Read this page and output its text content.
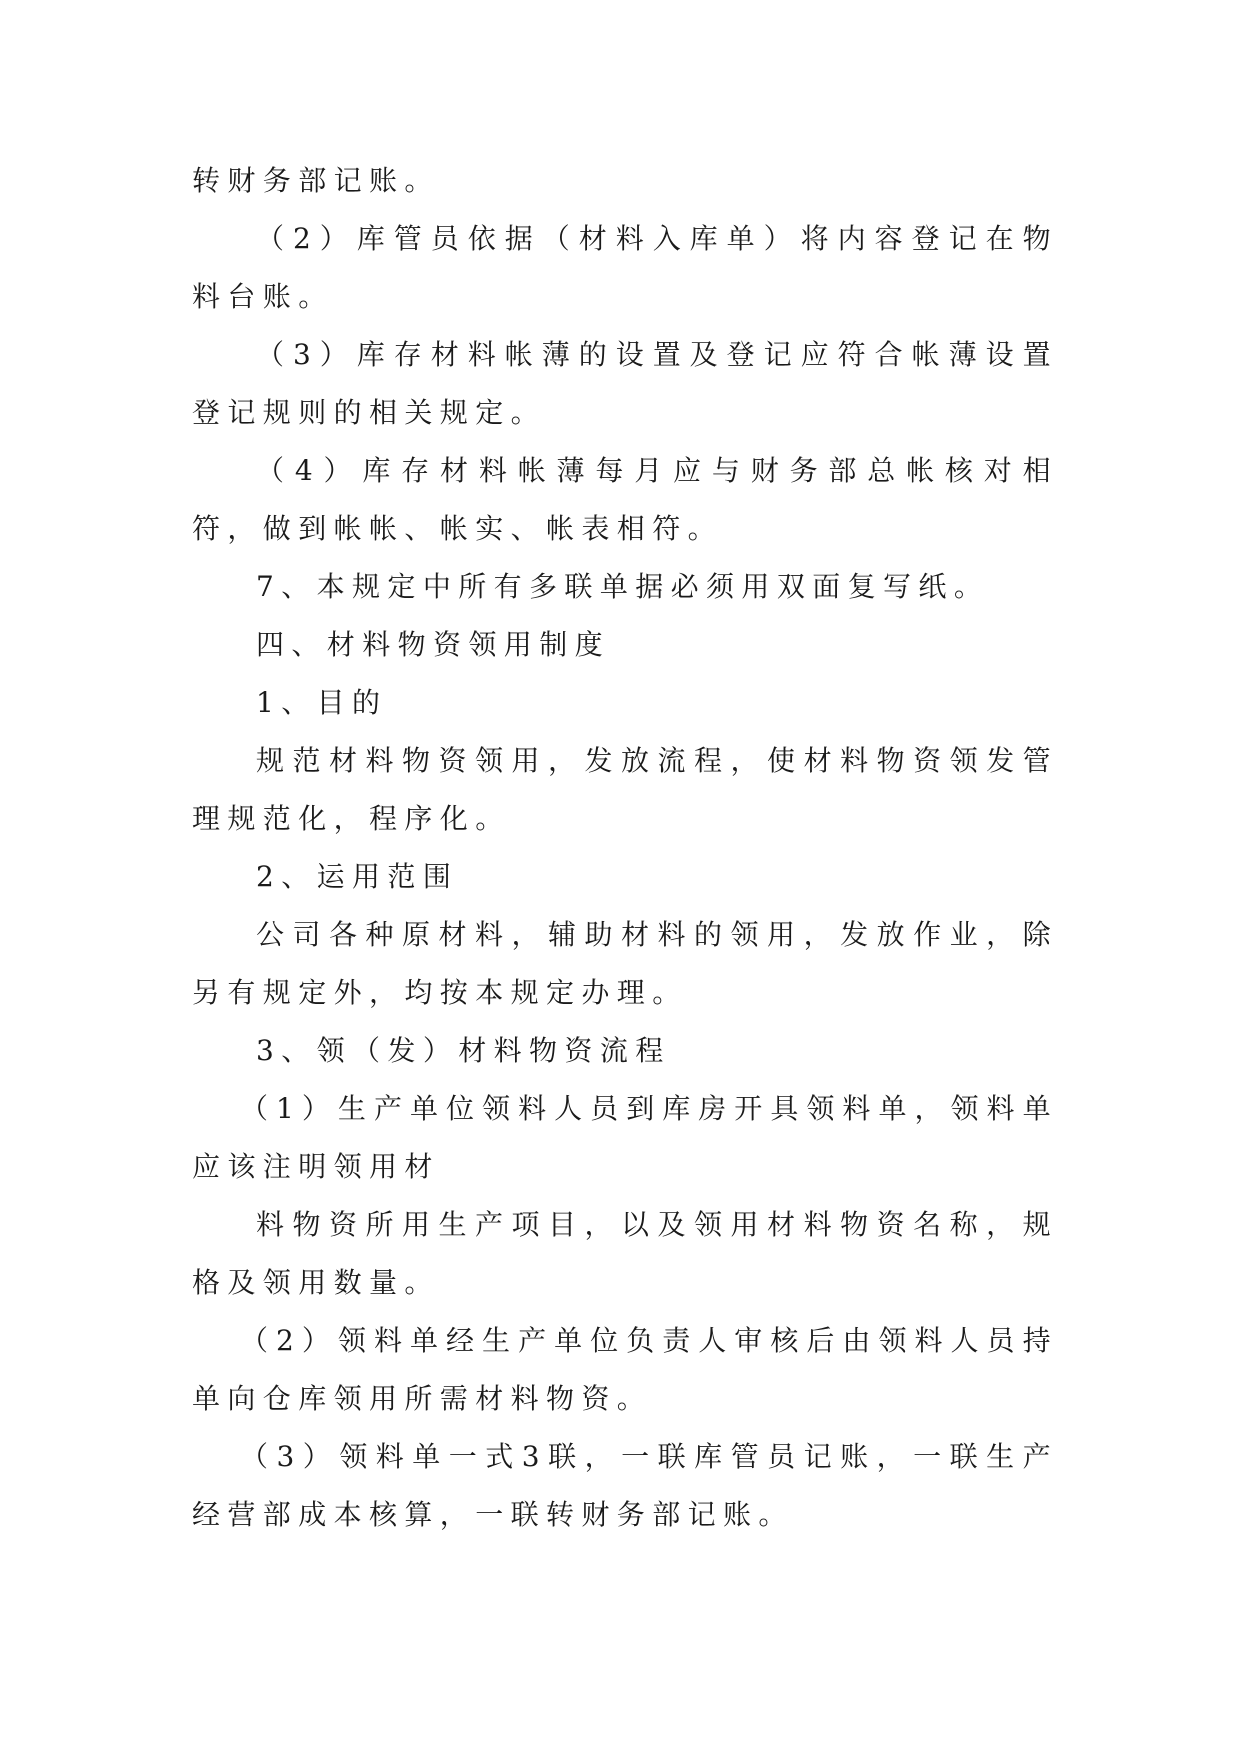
转财务部记账。

（2）库管员依据（材料入库单）将内容登记在物料台账。

（3）库存材料帐薄的设置及登记应符合帐薄设置登记规则的相关规定。

（4）库存材料帐薄每月应与财务部总帐核对相符，做到帐帐、帐实、帐表相符。

7、本规定中所有多联单据必须用双面复写纸。

四、材料物资领用制度

1、目的

规范材料物资领用，发放流程，使材料物资领发管理规范化，程序化。

2、运用范围

公司各种原材料，辅助材料的领用，发放作业，除另有规定外，均按本规定办理。

3、领（发）材料物资流程

（1）生产单位领料人员到库房开具领料单，领料单应该注明领用材

料物资所用生产项目，以及领用材料物资名称，规格及领用数量。

（2）领料单经生产单位负责人审核后由领料人员持单向仓库领用所需材料物资。

（3）领料单一式3联，一联库管员记账，一联生产经营部成本核算，一联转财务部记账。
